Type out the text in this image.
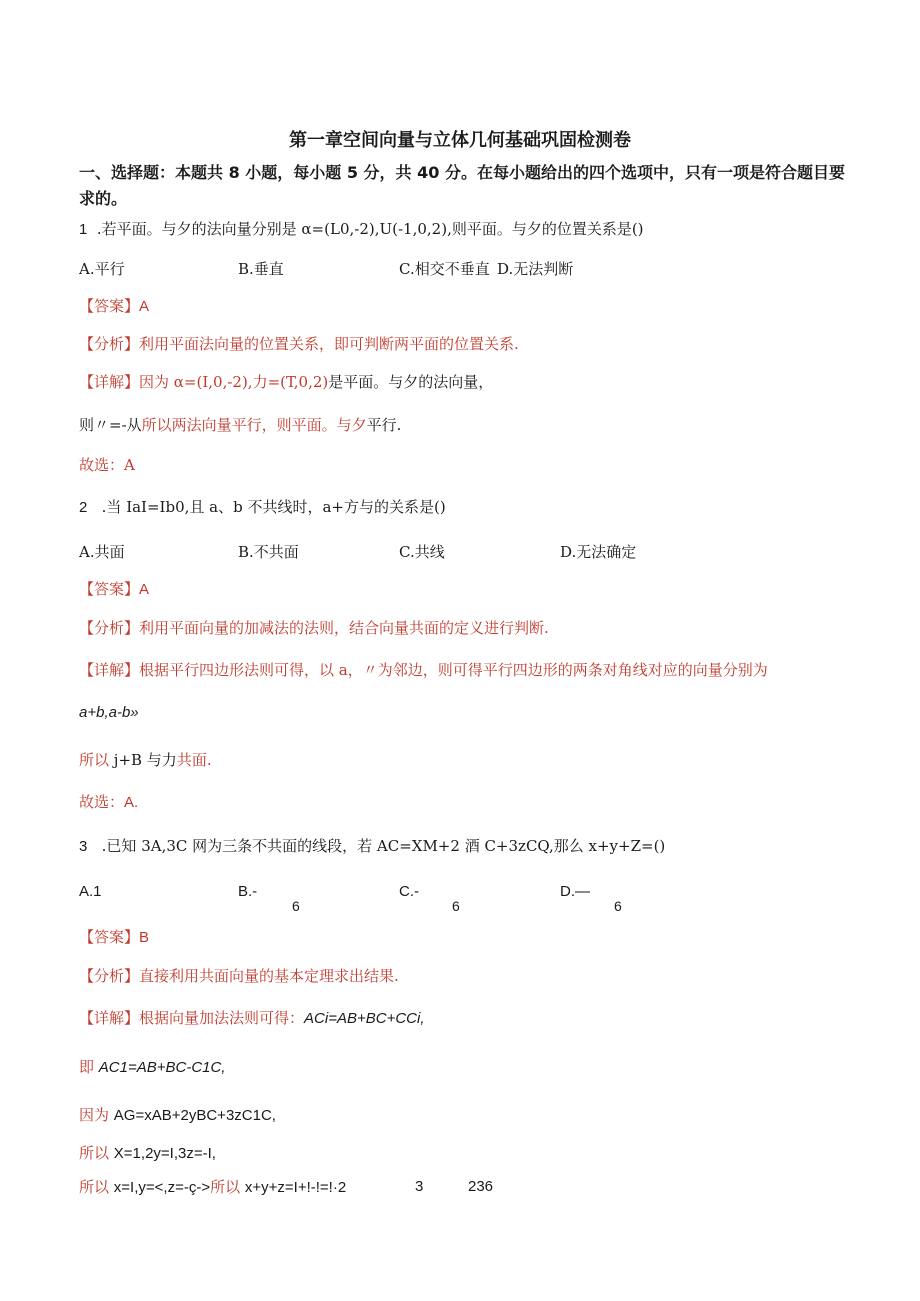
第一章空间向量与立体几何基础巩固检测卷
一、选择题：本题共 8 小题，每小题 5 分，共 40 分。在每小题给出的四个选项中，只有一项是符合题目要求的。
1 .若平面。与夕的法向量分别是 α=(L0,-2),U(-1,0,2),则平面。与夕的位置关系是()
A.平行	B.垂直	C.相交不垂直 D.无法判断
【答案】A
【分析】利用平面法向量的位置关系，即可判断两平面的位置关系.
【详解】因为 α=(I,0,-2),力=(T,0,2)是平面。与夕的法向量，
则〃=-从所以两法向量平行，则平面。与夕平行.
故选：A
2 .当 IaI=Ib0,且 a、b 不共线时，a+方与的关系是()
A.共面	B.不共面	C.共线	D.无法确定
【答案】A
【分析】利用平面向量的加减法的法则，结合向量共面的定义进行判断.
【详解】根据平行四边形法则可得，以 a，〃为邻边，则可得平行四边形的两条对角线对应的向量分别为
a+b,a-b»
所以 j+B 与力共面.
故选：A.
3 .已知 3A,3C 网为三条不共面的线段，若 AC=XM+2 酒 C+3zCQ,那么 x+y+Z=()
A.1	B.-
6
C.-
6
D.—
6
【答案】B
【分析】直接利用共面向量的基本定理求出结果.
【详解】根据向量加法法则可得：ACi=AB+BC+CCi,
即 AC1=AB+BC-C1C,
因为 AG=xAB+2yBC+3zC1C,
所以 X=1,2y=I,3z=-I,
所以 x=I,y=<,z=-ç->所以 x+y+z=I+!-!=!·2	3	236
